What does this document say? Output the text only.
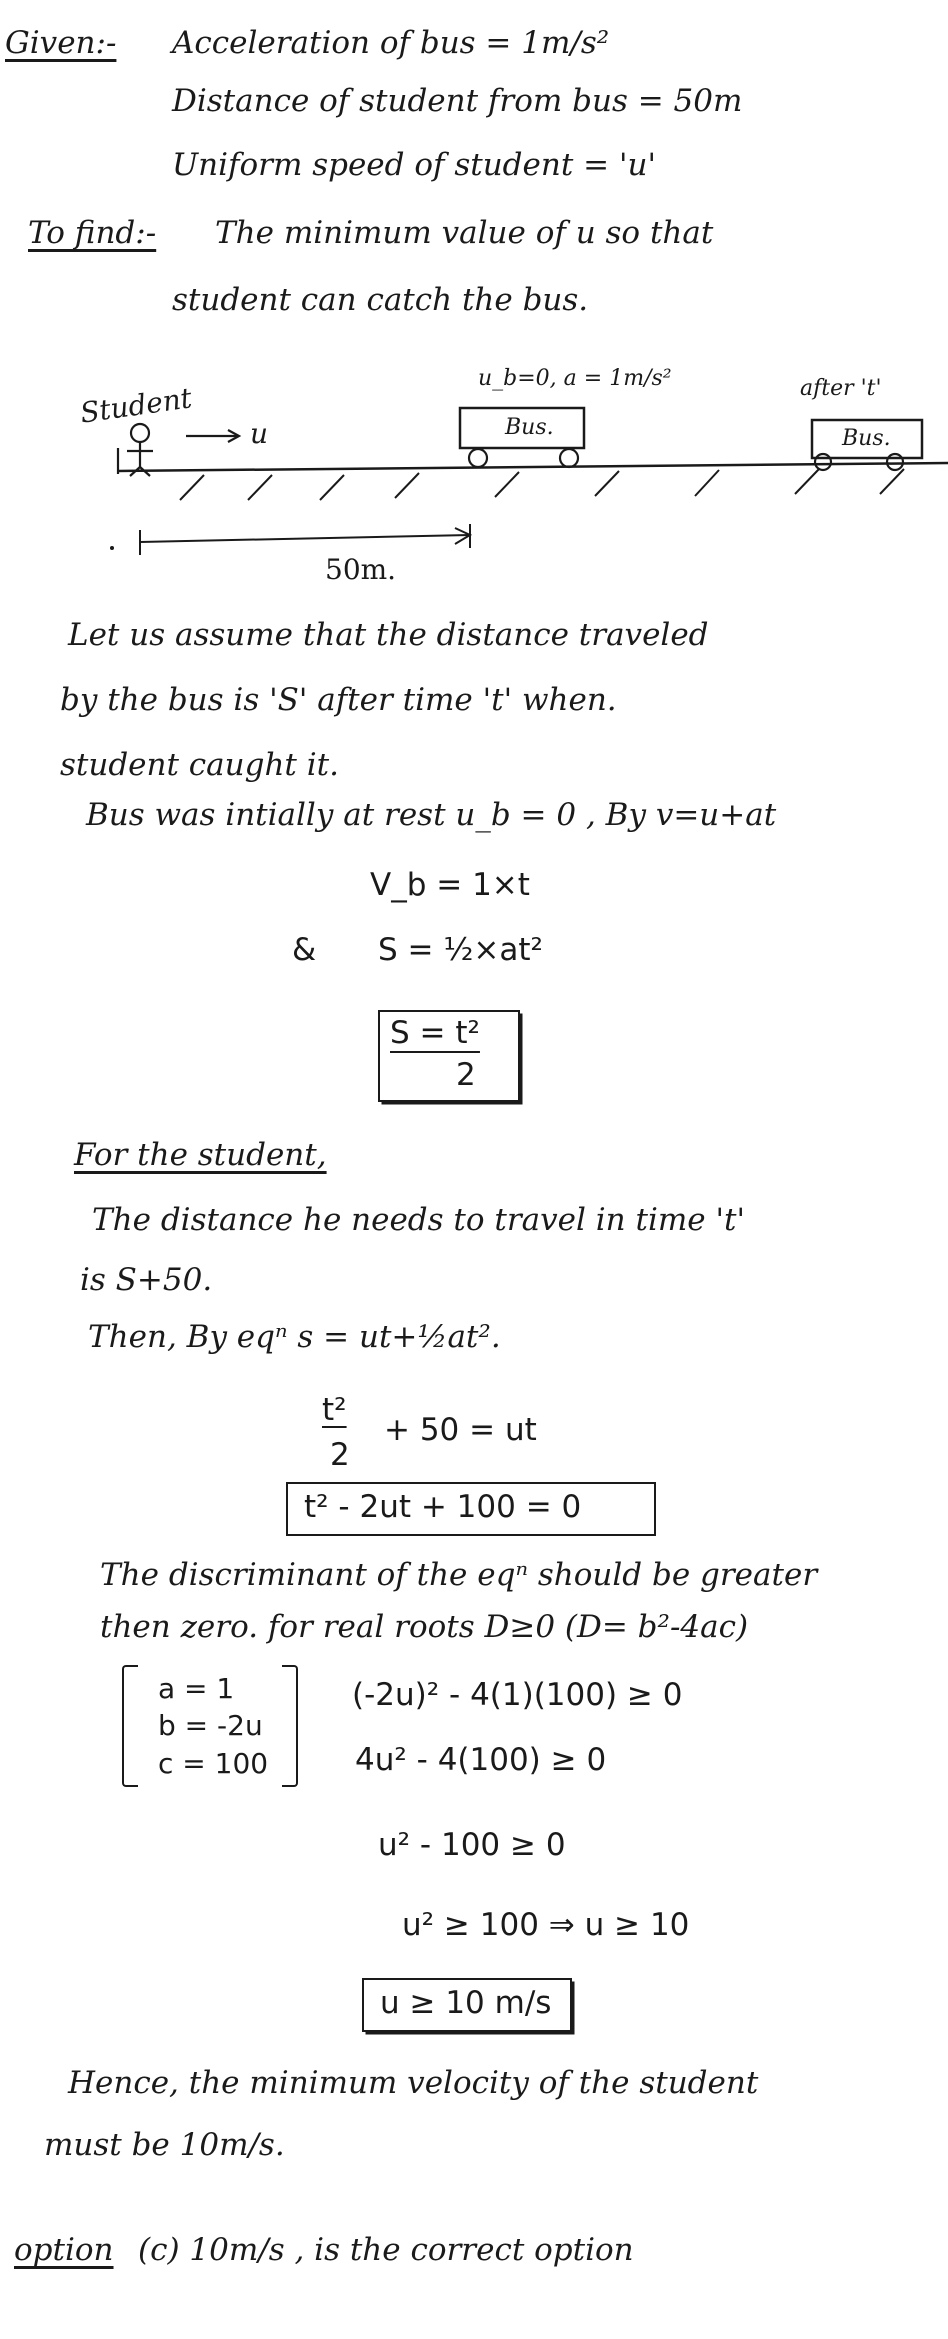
Given:- Acceleration of bus = 1m/s²
Distance of student from bus = 50m
Uniform speed of student = 'u'
To find:- The minimum value of u so that
student can catch the bus.
Student
u
u_b=0, a = 1m/s²
Bus.
after 't'
Bus.
50m.
Let us assume that the distance traveled
by the bus is 'S' after time 't' when.
student caught it.
Bus was intially at rest u_b = 0 , By v=u+at
V_b = 1×t
& S = ½×at²
S = t²
2
For the student,
The distance he needs to travel in time 't'
is S+50.
Then, By eqⁿ s = ut+½at².
t²
2
+ 50 = ut
t² - 2ut + 100 = 0
The discriminant of the eqⁿ should be greater
then zero. for real roots D≥0 (D= b²-4ac)
a = 1
b = -2u
c = 100
(-2u)² - 4(1)(100) ≥ 0
4u² - 4(100) ≥ 0
u² - 100 ≥ 0
u² ≥ 100 ⇒ u ≥ 10
u ≥ 10 m/s
Hence, the minimum velocity of the student
must be 10m/s.
option (c) 10m/s , is the correct option
